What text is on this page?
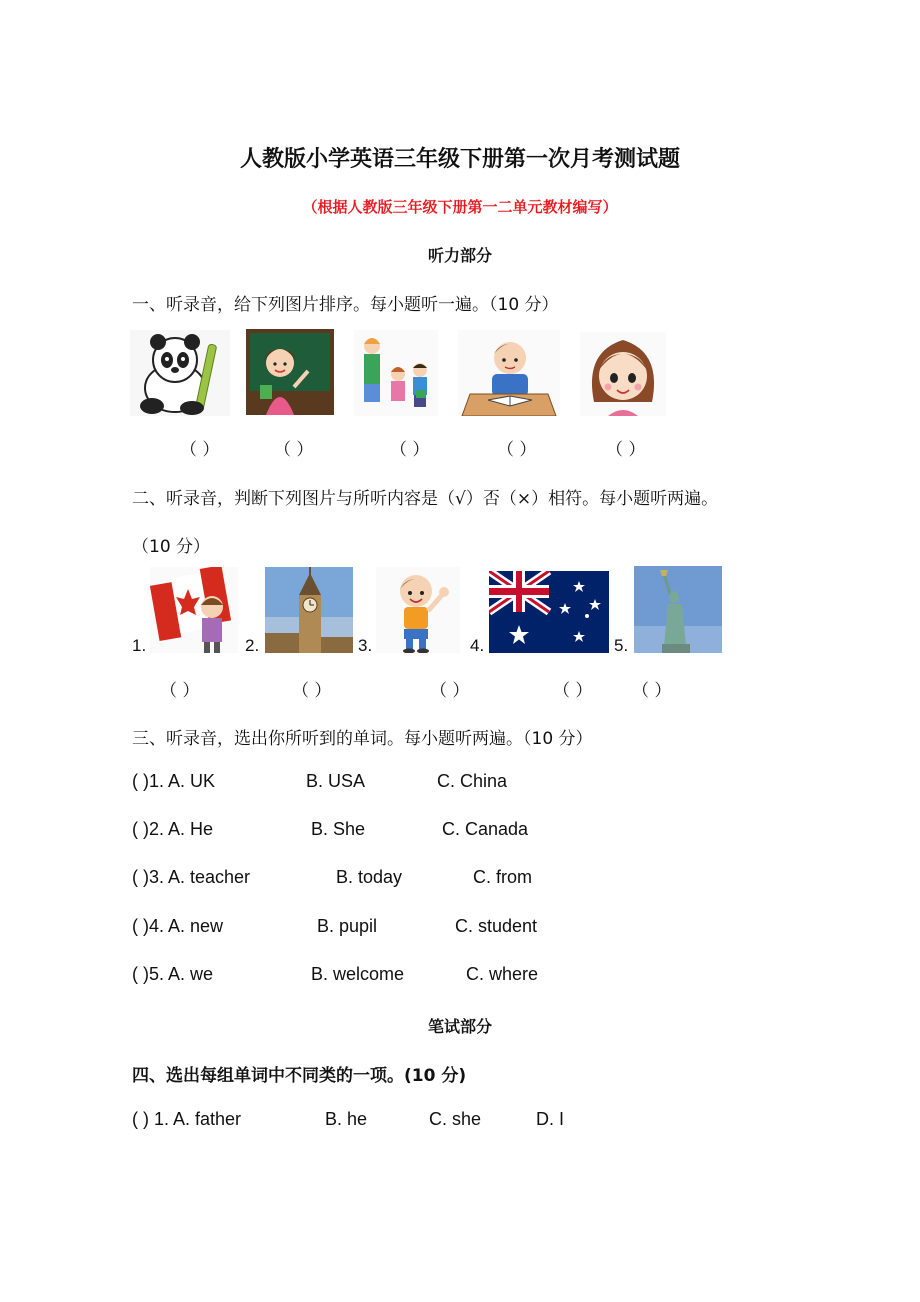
人教版小学英语三年级下册第一次月考测试题
（根据人教版三年级下册第一二单元教材编写）
听力部分
一、听录音，给下列图片排序。每小题听一遍。（10 分）
（ ）	（ ）	（ ）	（ ）	（ ）
二、听录音，判断下列图片与所听内容是（√）否（×）相符。每小题听两遍。
（10 分）
1.	2.	3.	4.	5.
（ ）	（ ）	（ ）	（ ） （ ）
三、听录音，选出你所听到的单词。每小题听两遍。（10 分）
( )1. A. UK	B. USA	C. China
( )2. A. He	B. She	C. Canada
( )3. A. teacher	B. today	C. from
( )4. A. new	B. pupil	C. student
( )5. A. we	B. welcome	C. where
笔试部分
四、选出每组单词中不同类的一项。(10 分)
( ) 1. A. father	B. he	C. she	D. I
